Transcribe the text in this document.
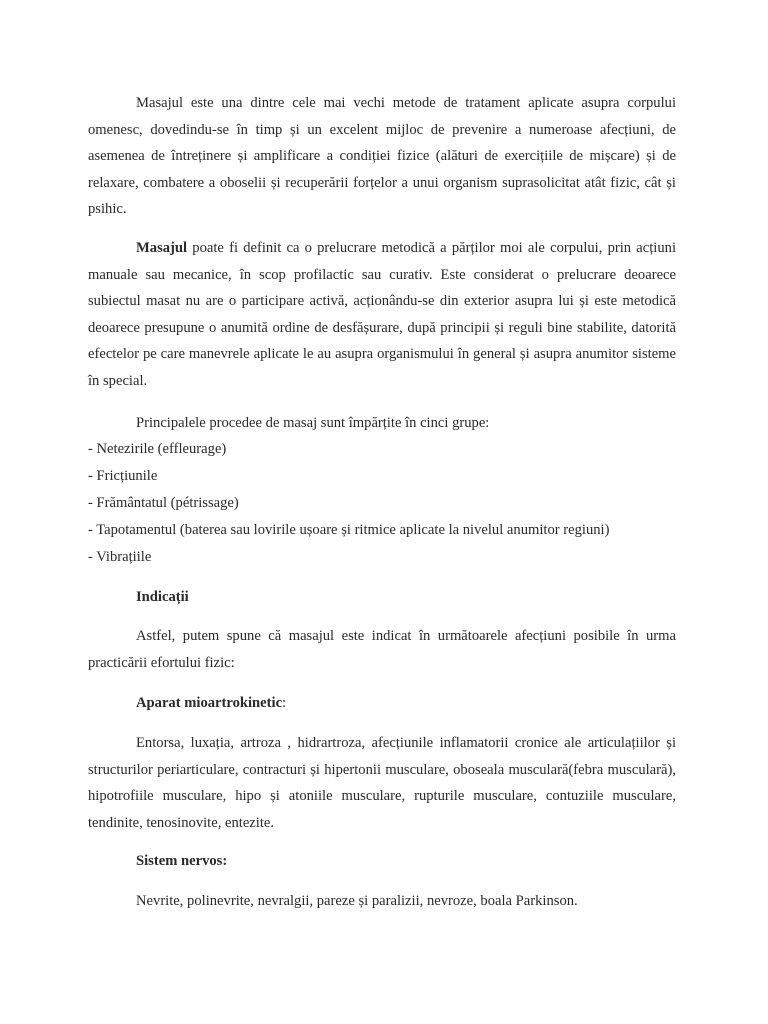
Masajul este una dintre cele mai vechi metode de tratament aplicate asupra corpului omenesc, dovedindu-se în timp și un excelent mijloc de prevenire a numeroase afecțiuni, de asemenea de întreținere și amplificare a condiției fizice (alături de exercițiile de mișcare) și de relaxare, combatere a oboselii și recuperării forțelor a unui organism suprasolicitat atât fizic, cât și psihic.

Masajul poate fi definit ca o prelucrare metodică a părților moi ale corpului, prin acțiuni manuale sau mecanice, în scop profilactic sau curativ. Este considerat o prelucrare deoarece subiectul masat nu are o participare activă, acționându-se din exterior asupra lui și este metodică deoarece presupune o anumită ordine de desfășurare, după principii și reguli bine stabilite, datorită efectelor pe care manevrele aplicate le au asupra organismului în general și asupra anumitor sisteme în special.

Principalele procedee de masaj sunt împărțite în cinci grupe:

- Netezirile (effleurage)

- Fricțiunile

- Frământatul (pétrissage)

- Tapotamentul (baterea sau lovirile ușoare și ritmice aplicate la nivelul anumitor regiuni)

- Vibrațiile

Indicații

Astfel, putem spune că masajul este indicat în următoarele afecțiuni posibile în urma practicării efortului fizic:

Aparat mioartrokinetic:

Entorsa, luxația, artroza , hidrartroza, afecțiunile inflamatorii cronice ale articulațiilor și structurilor periarticulare, contracturi și hipertonii musculare, oboseala musculară(febra musculară), hipotrofiile musculare, hipo și atoniile musculare, rupturile musculare, contuziile musculare, tendinite, tenosinovite, entezite.

Sistem nervos:

Nevrite, polinevrite, nevralgii, pareze și paralizii, nevroze, boala Parkinson.
